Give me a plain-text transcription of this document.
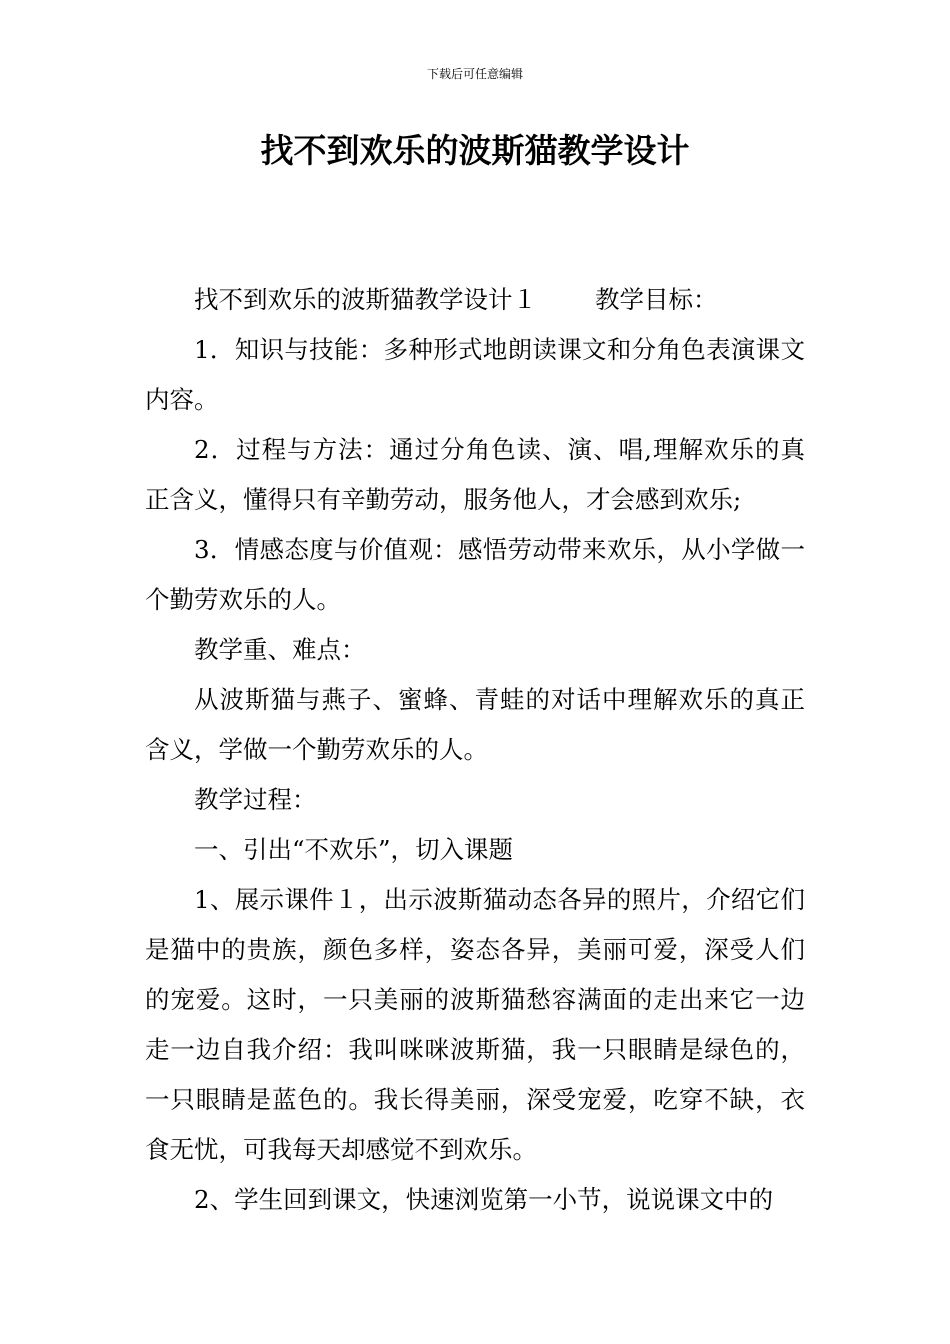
下载后可任意编辑
找不到欢乐的波斯猫教学设计

找不到欢乐的波斯猫教学设计１ 教学目标：

1．知识与技能：多种形式地朗读课文和分角色表演课文内容。

2．过程与方法：通过分角色读、演、唱,理解欢乐的真正含义，懂得只有辛勤劳动，服务他人，才会感到欢乐;

3．情感态度与价值观：感悟劳动带来欢乐，从小学做一个勤劳欢乐的人。

教学重、难点：

从波斯猫与燕子、蜜蜂、青蛙的对话中理解欢乐的真正含义，学做一个勤劳欢乐的人。

教学过程：

一、引出“不欢乐”，切入课题

1、展示课件１，出示波斯猫动态各异的照片，介绍它们是猫中的贵族，颜色多样，姿态各异，美丽可爱，深受人们的宠爱。这时，一只美丽的波斯猫愁容满面的走出来它一边走一边自我介绍：我叫咪咪波斯猫，我一只眼睛是绿色的，一只眼睛是蓝色的。我长得美丽，深受宠爱，吃穿不缺，衣食无忧，可我每天却感觉不到欢乐。

2、学生回到课文，快速浏览第一小节，说说课文中的
